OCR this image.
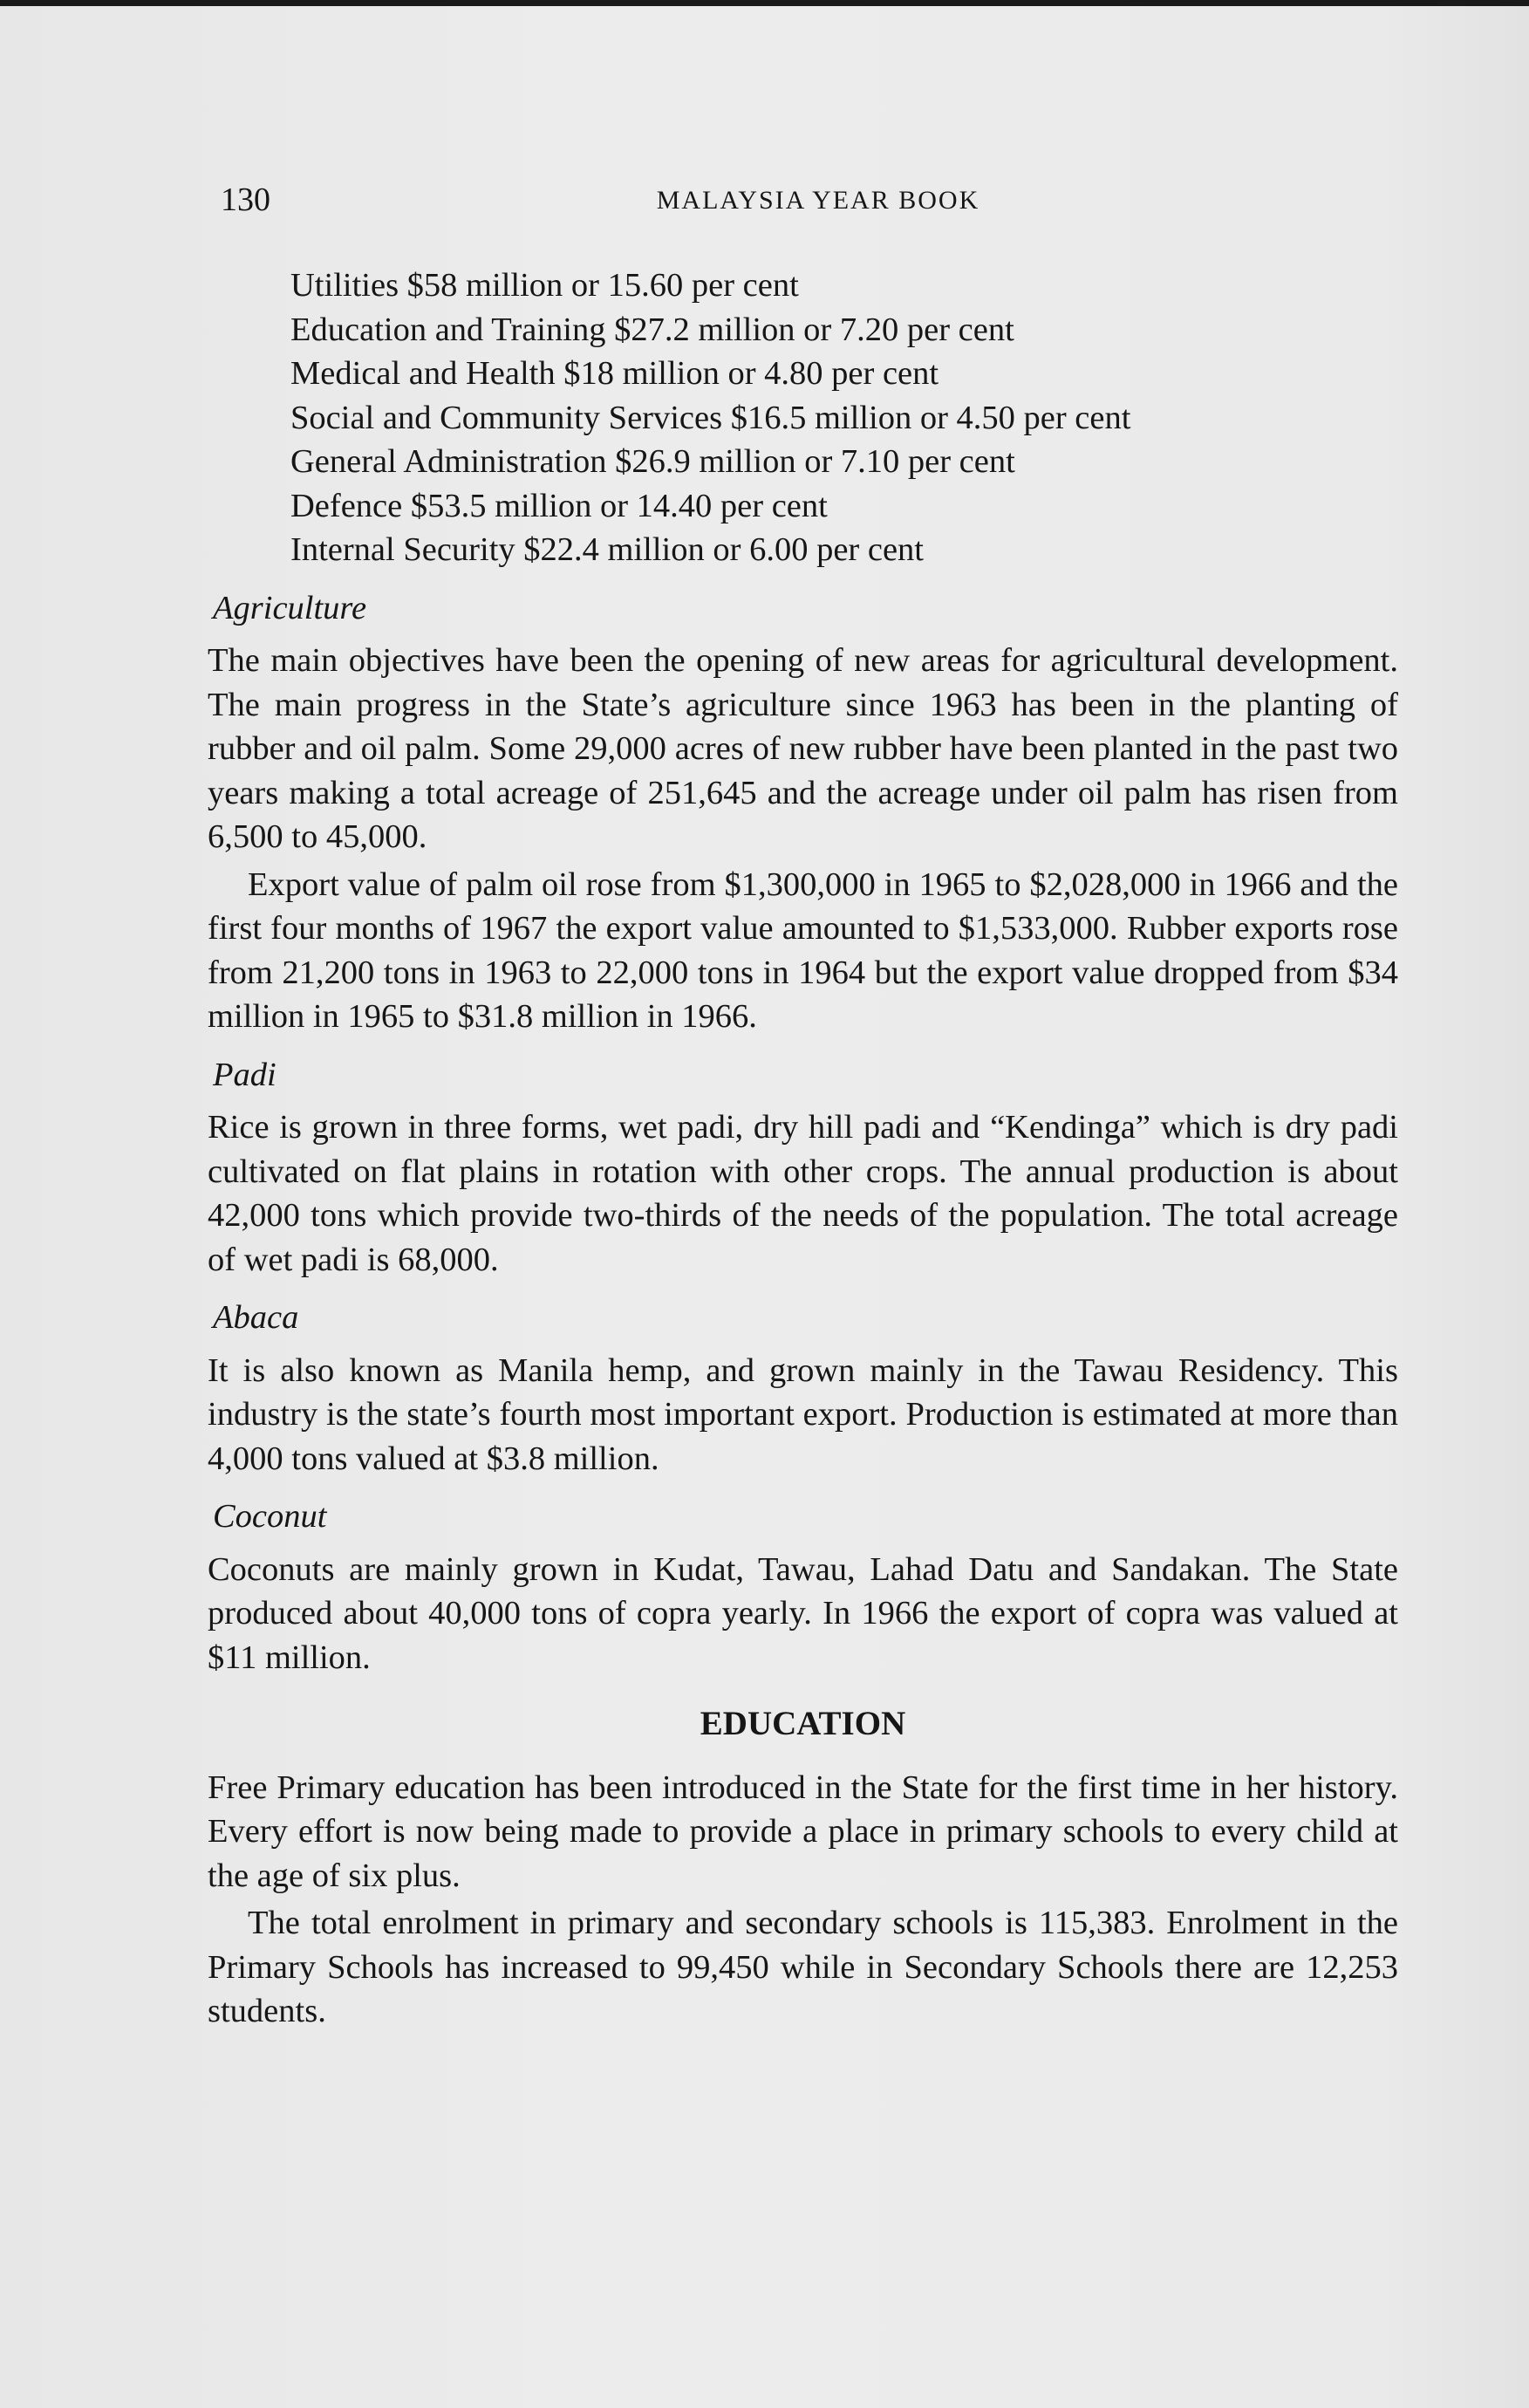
130	MALAYSIA YEAR BOOK
Utilities $58 million or 15.60 per cent
Education and Training $27.2 million or 7.20 per cent
Medical and Health $18 million or 4.80 per cent
Social and Community Services $16.5 million or 4.50 per cent
General Administration $26.9 million or 7.10 per cent
Defence $53.5 million or 14.40 per cent
Internal Security $22.4 million or 6.00 per cent
Agriculture

The main objectives have been the opening of new areas for agricultural development. The main progress in the State’s agriculture since 1963 has been in the planting of rubber and oil palm. Some 29,000 acres of new rubber have been planted in the past two years making a total acreage of 251,645 and the acreage under oil palm has risen from 6,500 to 45,000.

Export value of palm oil rose from $1,300,000 in 1965 to $2,028,000 in 1966 and the first four months of 1967 the export value amounted to $1,533,000. Rubber exports rose from 21,200 tons in 1963 to 22,000 tons in 1964 but the export value dropped from $34 million in 1965 to $31.8 million in 1966.

Padi

Rice is grown in three forms, wet padi, dry hill padi and “Kendinga” which is dry padi cultivated on flat plains in rotation with other crops. The annual production is about 42,000 tons which provide two-thirds of the needs of the population. The total acreage of wet padi is 68,000.

Abaca

It is also known as Manila hemp, and grown mainly in the Tawau Residency. This industry is the state’s fourth most important export. Production is estimated at more than 4,000 tons valued at $3.8 million.

Coconut

Coconuts are mainly grown in Kudat, Tawau, Lahad Datu and Sandakan. The State produced about 40,000 tons of copra yearly. In 1966 the export of copra was valued at $11 million.

EDUCATION

Free Primary education has been introduced in the State for the first time in her history. Every effort is now being made to provide a place in primary schools to every child at the age of six plus.

The total enrolment in primary and secondary schools is 115,383. Enrolment in the Primary Schools has increased to 99,450 while in Secondary Schools there are 12,253 students.
